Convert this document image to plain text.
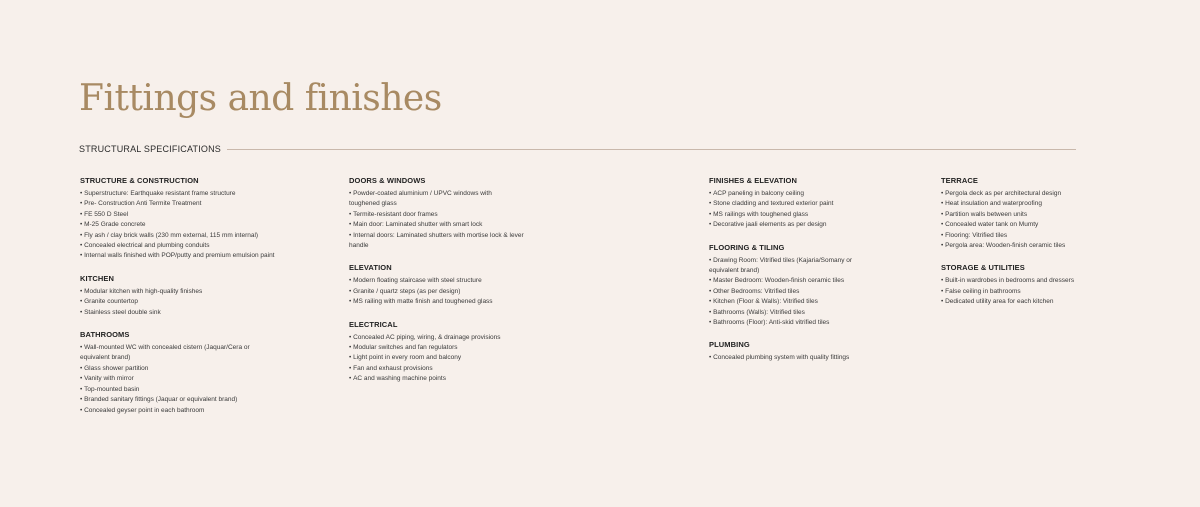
Fittings and finishes
STRUCTURAL SPECIFICATIONS
STRUCTURE & CONSTRUCTION
• Superstructure: Earthquake resistant frame structure
• Pre- Construction Anti Termite Treatment
• FE 550 D Steel
• M-25 Grade concrete
• Fly ash / clay brick walls (230 mm external, 115 mm internal)
• Concealed electrical and plumbing conduits
• Internal walls finished with POP/putty and premium emulsion paint
KITCHEN
• Modular kitchen with high-quality finishes
• Granite countertop
• Stainless steel double sink
BATHROOMS
• Wall-mounted WC with concealed cistern (Jaquar/Cera or equivalent brand)
• Glass shower partition
• Vanity with mirror
• Top-mounted basin
• Branded sanitary fittings (Jaquar or equivalent brand)
• Concealed geyser point in each bathroom
DOORS & WINDOWS
• Powder-coated aluminium / UPVC windows with toughened glass
• Termite-resistant door frames
• Main door: Laminated shutter with smart lock
• Internal doors: Laminated shutters with mortise lock & lever handle
ELEVATION
• Modern floating staircase with steel structure
• Granite / quartz steps (as per design)
• MS railing with matte finish and toughened glass
ELECTRICAL
• Concealed AC piping, wiring, & drainage provisions
• Modular switches and fan regulators
• Light point in every room and balcony
• Fan and exhaust provisions
• AC and washing machine points
FINISHES & ELEVATION
• ACP paneling in balcony ceiling
• Stone cladding and textured exterior paint
• MS railings with toughened glass
• Decorative jaali elements as per design
FLOORING & TILING
• Drawing Room: Vitrified tiles (Kajaria/Somany or equivalent brand)
• Master Bedroom: Wooden-finish ceramic tiles
• Other Bedrooms: Vitrified tiles
• Kitchen (Floor & Walls): Vitrified tiles
• Bathrooms (Walls): Vitrified tiles
• Bathrooms (Floor): Anti-skid vitrified tiles
PLUMBING
• Concealed plumbing system with quality fittings
TERRACE
• Pergola deck as per architectural design
• Heat insulation and waterproofing
• Partition walls between units
• Concealed water tank on Mumty
• Flooring: Vitrified tiles
• Pergola area: Wooden-finish ceramic tiles
STORAGE & UTILITIES
• Built-in wardrobes in bedrooms and dressers
• False ceiling in bathrooms
• Dedicated utility area for each kitchen
